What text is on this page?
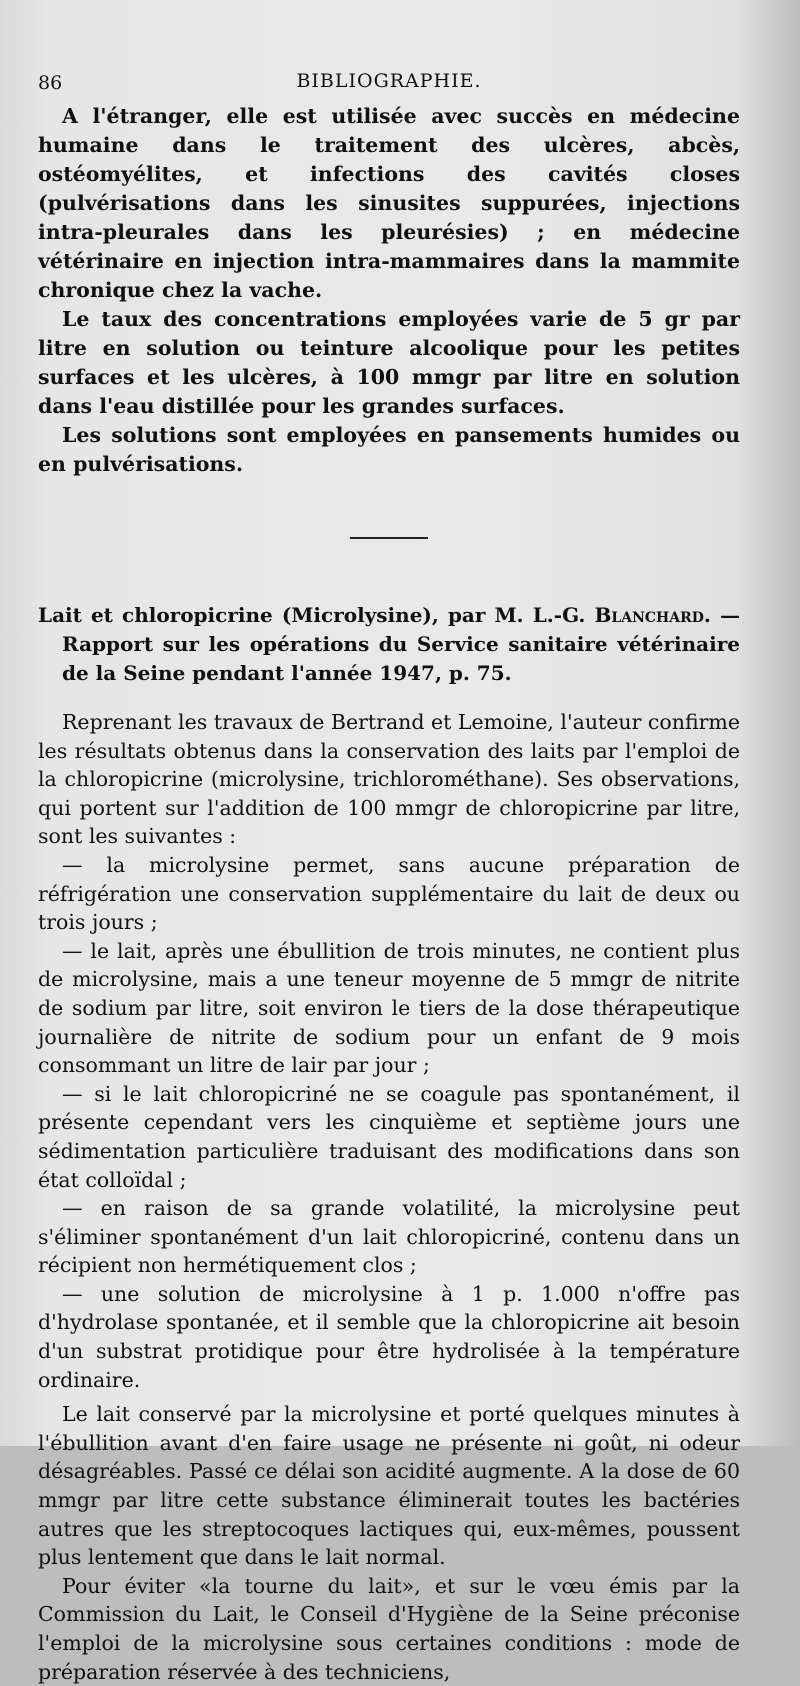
86	BIBLIOGRAPHIE.

A l'étranger, elle est utilisée avec succès en médecine humaine dans le traitement des ulcères, abcès, ostéomyélites, et infections des cavités closes (pulvérisations dans les sinusites suppurées, injections intra-pleurales dans les pleurésies) ; en médecine vétérinaire en injection intra-mammaires dans la mammite chronique chez la vache.

Le taux des concentrations employées varie de 5 gr par litre en solution ou teinture alcoolique pour les petites surfaces et les ulcères, à 100 mmgr par litre en solution dans l'eau distillée pour les grandes surfaces.

Les solutions sont employées en pansements humides ou en pulvérisations.

Lait et chloropicrine (Microlysine), par M. L.-G. Blanchard. — Rapport sur les opérations du Service sanitaire vétérinaire de la Seine pendant l'année 1947, p. 75.

Reprenant les travaux de Bertrand et Lemoine, l'auteur confirme les résultats obtenus dans la conservation des laits par l'emploi de la chloropicrine (microlysine, trichlorométhane). Ses observations, qui portent sur l'addition de 100 mmgr de chloropicrine par litre, sont les suivantes :

— la microlysine permet, sans aucune préparation de réfrigération une conservation supplémentaire du lait de deux ou trois jours ;

— le lait, après une ébullition de trois minutes, ne contient plus de microlysine, mais a une teneur moyenne de 5 mmgr de nitrite de sodium par litre, soit environ le tiers de la dose thérapeutique journalière de nitrite de sodium pour un enfant de 9 mois consommant un litre de lair par jour ;

— si le lait chloropicriné ne se coagule pas spontanément, il présente cependant vers les cinquième et septième jours une sédimentation particulière traduisant des modifications dans son état colloïdal ;

— en raison de sa grande volatilité, la microlysine peut s'éliminer spontanément d'un lait chloropicriné, contenu dans un récipient non hermétiquement clos ;

— une solution de microlysine à 1 p. 1.000 n'offre pas d'hydrolase spontanée, et il semble que la chloropicrine ait besoin d'un substrat protidique pour être hydrolisée à la température ordinaire.

Le lait conservé par la microlysine et porté quelques minutes à l'ébullition avant d'en faire usage ne présente ni goût, ni odeur désagréables. Passé ce délai son acidité augmente. A la dose de 60 mmgr par litre cette substance éliminerait toutes les bactéries autres que les streptocoques lactiques qui, eux-mêmes, poussent plus lentement que dans le lait normal.

Pour éviter «la tourne du lait», et sur le vœu émis par la Commission du Lait, le Conseil d'Hygiène de la Seine préconise l'emploi de la microlysine sous certaines conditions : mode de préparation réservée à des techniciens,
